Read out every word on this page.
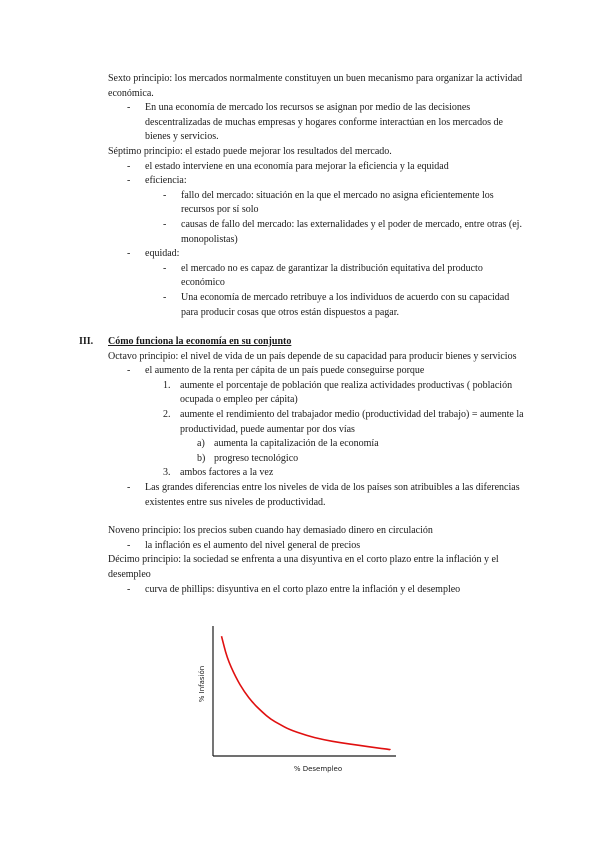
Sexto principio: los mercados normalmente constituyen un buen mecanismo para organizar la actividad económica.

- En una economía de mercado los recursos se asignan por medio de las decisiones descentralizadas de muchas empresas y hogares conforme interactúan en los mercados de bienes y servicios.

Séptimo principio: el estado puede mejorar los resultados del mercado.

- el estado interviene en una economía para mejorar la eficiencia y la equidad

- eficiencia:

- fallo del mercado: situación en la que el mercado no asigna eficientemente los recursos por sí solo

- causas de fallo del mercado: las externalidades y el poder de mercado, entre otras (ej. monopolistas)

- equidad:

- el mercado no es capaz de garantizar la distribución equitativa del producto económico

- Una economía de mercado retribuye a los individuos de acuerdo con su capacidad para producir cosas que otros están dispuestos a pagar.

III. Cómo funciona la economía en su conjunto

Octavo principio: el nivel de vida de un país depende de su capacidad para producir bienes y servicios

- el aumento de la renta per cápita de un país puede conseguirse porque

1. aumente el porcentaje de población que realiza actividades productivas ( población ocupada o empleo per cápita)

2. aumente el rendimiento del trabajador medio (productividad del trabajo) = aumente la productividad, puede aumentar por dos vías

a) aumenta la capitalización de la economía

b) progreso tecnológico

3. ambos factores a la vez

- Las grandes diferencias entre los niveles de vida de los países son atribuibles a las diferencias existentes entre sus niveles de productividad.

Noveno principio: los precios suben cuando hay demasiado dinero en circulación

- la inflación es el aumento del nivel general de precios

Décimo principio: la sociedad se enfrenta a una disyuntiva en el corto plazo entre la inflación y el desempleo

- curva de phillips: disyuntiva en el corto plazo entre la inflación y el desempleo

% Infasión
% Desempleo
